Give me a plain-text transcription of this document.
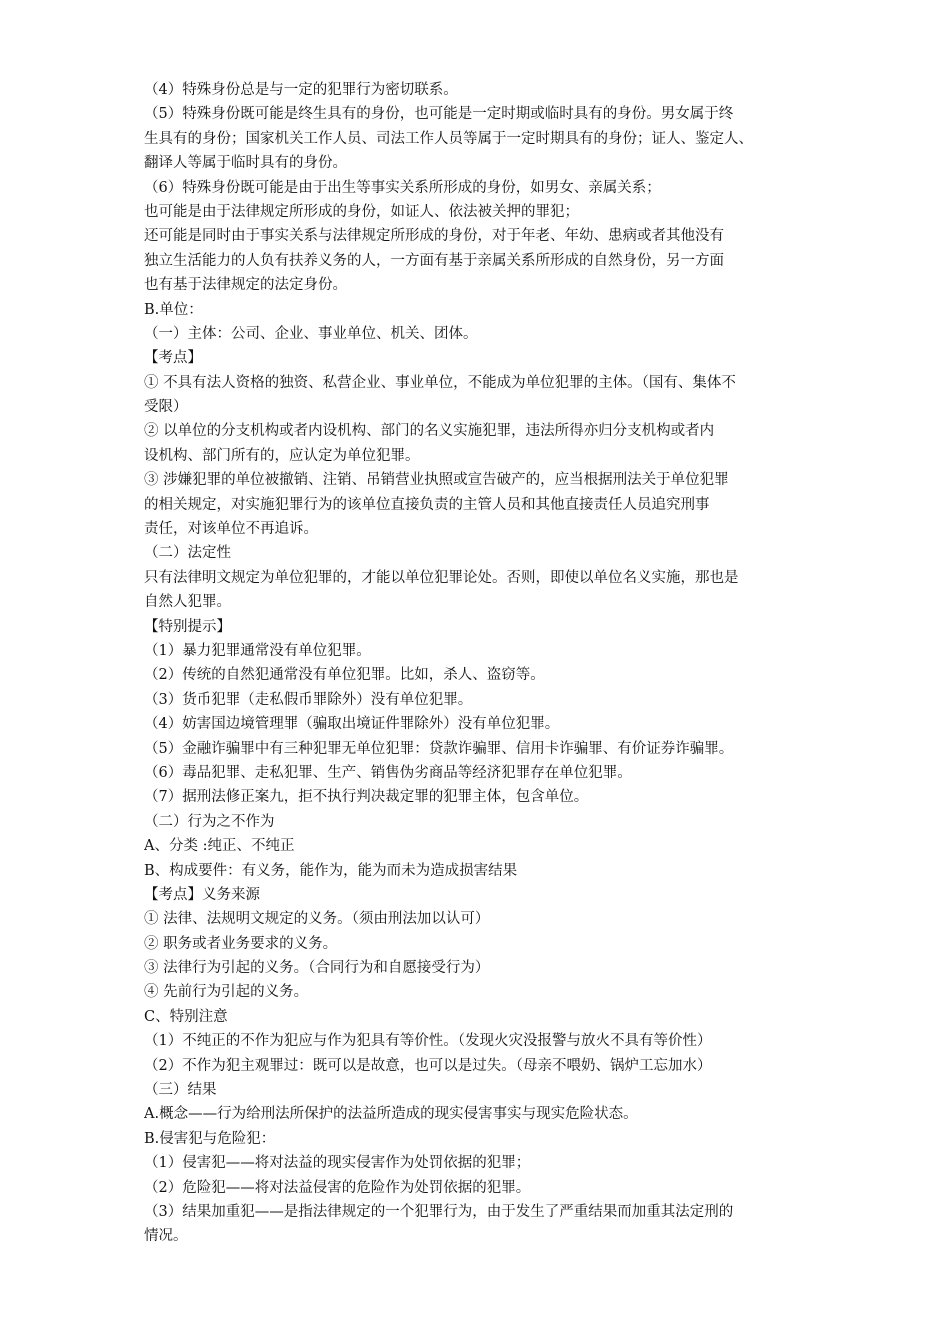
（4）特殊身份总是与一定的犯罪行为密切联系。
（5）特殊身份既可能是终生具有的身份，也可能是一定时期或临时具有的身份。男女属于终
生具有的身份；国家机关工作人员、司法工作人员等属于一定时期具有的身份；证人、鉴定人、
翻译人等属于临时具有的身份。
（6）特殊身份既可能是由于出生等事实关系所形成的身份，如男女、亲属关系；
也可能是由于法律规定所形成的身份，如证人、依法被关押的罪犯；
还可能是同时由于事实关系与法律规定所形成的身份，对于年老、年幼、患病或者其他没有
独立生活能力的人负有扶养义务的人，一方面有基于亲属关系所形成的自然身份，另一方面
也有基于法律规定的法定身份。
B.单位：
（一）主体：公司、企业、事业单位、机关、团体。
【考点】
① 不具有法人资格的独资、私营企业、事业单位，不能成为单位犯罪的主体。（国有、集体不
受限）
② 以单位的分支机构或者内设机构、部门的名义实施犯罪，违法所得亦归分支机构或者内
设机构、部门所有的，应认定为单位犯罪。
③ 涉嫌犯罪的单位被撤销、注销、吊销营业执照或宣告破产的，应当根据刑法关于单位犯罪
的相关规定，对实施犯罪行为的该单位直接负责的主管人员和其他直接责任人员追究刑事
责任，对该单位不再追诉。
（二）法定性
只有法律明文规定为单位犯罪的，才能以单位犯罪论处。否则，即使以单位名义实施，那也是
自然人犯罪。
【特别提示】
（1）暴力犯罪通常没有单位犯罪。
（2）传统的自然犯通常没有单位犯罪。比如，杀人、盗窃等。
（3）货币犯罪（走私假币罪除外）没有单位犯罪。
（4）妨害国边境管理罪（骗取出境证件罪除外）没有单位犯罪。
（5）金融诈骗罪中有三种犯罪无单位犯罪：贷款诈骗罪、信用卡诈骗罪、有价证券诈骗罪。
（6）毒品犯罪、走私犯罪、生产、销售伪劣商品等经济犯罪存在单位犯罪。
（7）据刑法修正案九，拒不执行判决裁定罪的犯罪主体，包含单位。
（二）行为之不作为
A、分类 :纯正、不纯正
B、构成要件：有义务，能作为，能为而未为造成损害结果
【考点】义务来源
① 法律、法规明文规定的义务。（须由刑法加以认可）
② 职务或者业务要求的义务。
③ 法律行为引起的义务。（合同行为和自愿接受行为）
④ 先前行为引起的义务。
C、特别注意
（1）不纯正的不作为犯应与作为犯具有等价性。（发现火灾没报警与放火不具有等价性）
（2）不作为犯主观罪过：既可以是故意，也可以是过失。（母亲不喂奶、锅炉工忘加水）
（三）结果
A.概念——行为给刑法所保护的法益所造成的现实侵害事实与现实危险状态。
B.侵害犯与危险犯：
（1）侵害犯——将对法益的现实侵害作为处罚依据的犯罪；
（2）危险犯——将对法益侵害的危险作为处罚依据的犯罪。
（3）结果加重犯——是指法律规定的一个犯罪行为，由于发生了严重结果而加重其法定刑的
情况。
